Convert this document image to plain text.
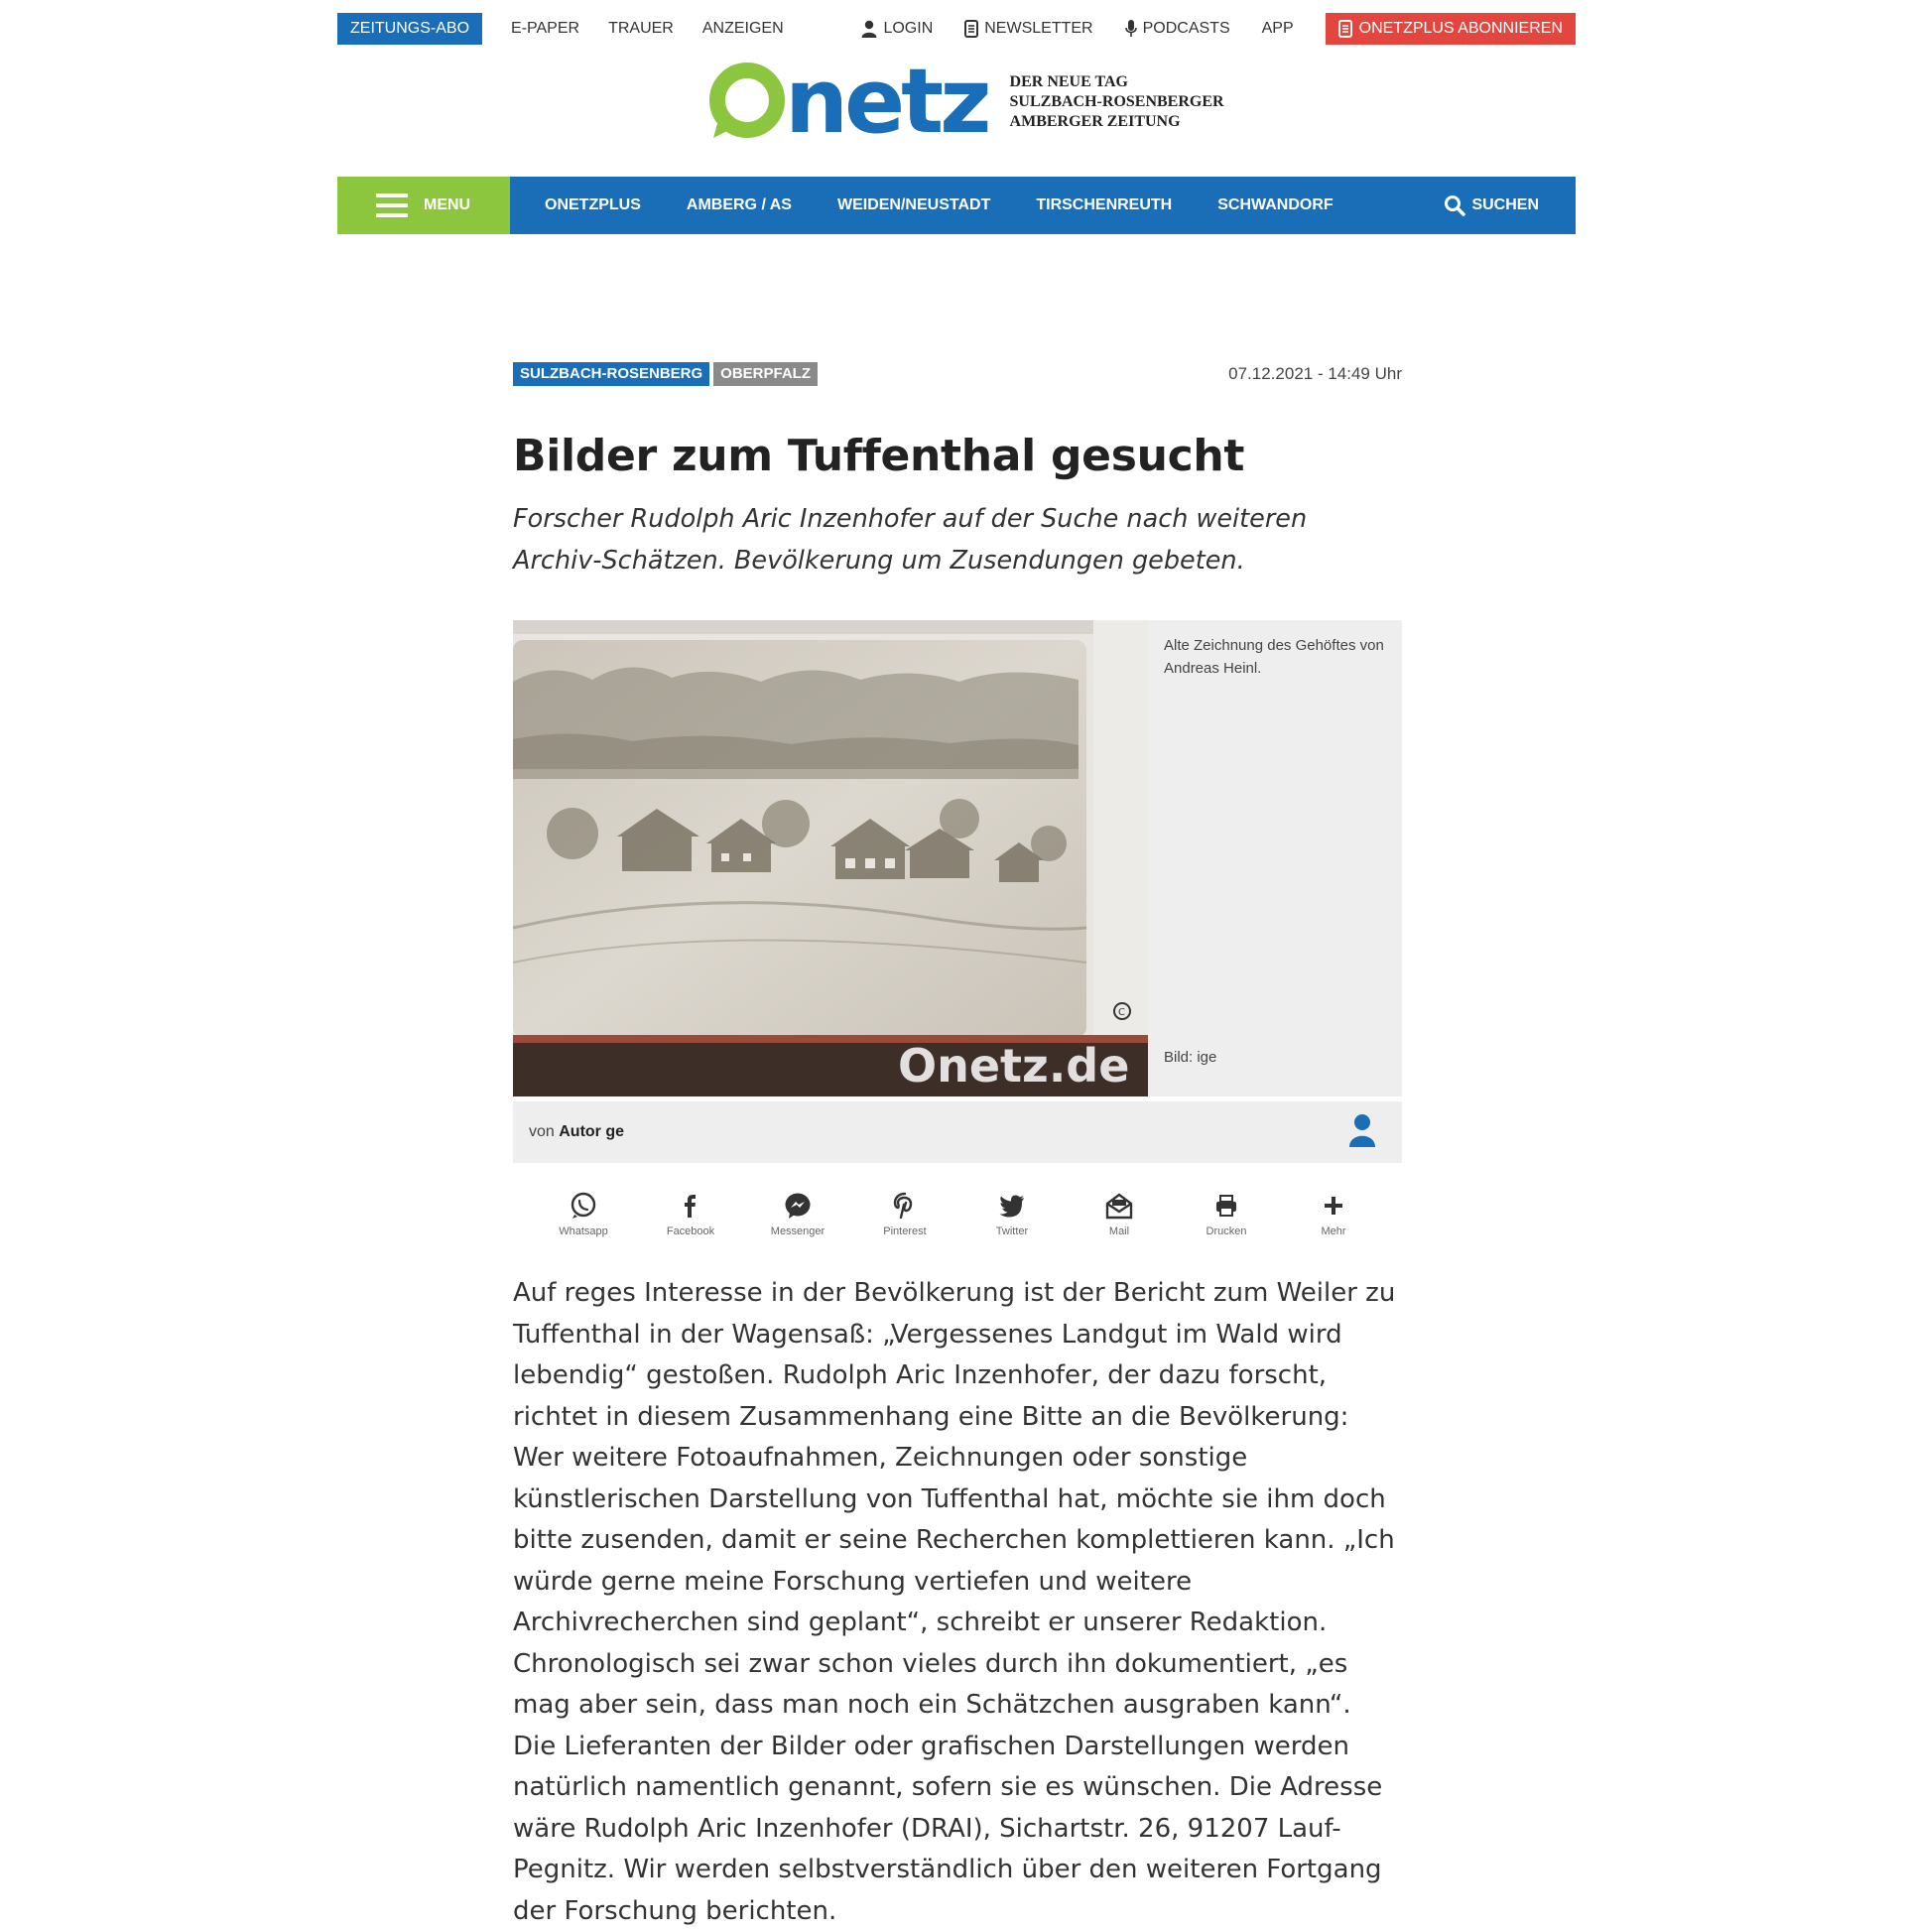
ZEITUNGS-ABO	E-PAPER TRAUER ANZEIGEN	LOGIN	NEWSLETTER	PODCASTS APP	ONETZPLUS ABONNIEREN
netz DER NEUE TAG
SULZBACH-ROSENBERGER
AMBERGER ZEITUNG
MENU	ONETZPLUS	AMBERG / AS	WEIDEN/NEUSTADT	TIRSCHENREUTH	SCHWANDORF	SUCHEN
SULZBACH-ROSENBERG OBERPFALZ	07.12.2021 - 14:49 Uhr
Bilder zum Tuffenthal gesucht

Forscher Rudolph Aric Inzenhofer auf der Suche nach weiteren Archiv-Schätzen. Bevölkerung um Zusendungen gebeten.

C
Onetz.de
Alte Zeichnung des Gehöftes von Andreas Heinl.
Bild: ige
von Autor ge
Whatsapp	Facebook	Messenger	Pinterest	Twitter	Mail	Drucken	Mehr

Auf reges Interesse in der Bevölkerung ist der Bericht zum Weiler zu Tuffenthal in der Wagensaß: „Vergessenes Landgut im Wald wird lebendig“ gestoßen. Rudolph Aric Inzenhofer, der dazu forscht, richtet in diesem Zusammenhang eine Bitte an die Bevölkerung: Wer weitere Fotoaufnahmen, Zeichnungen oder sonstige künstlerischen Darstellung von Tuffenthal hat, möchte sie ihm doch bitte zusenden, damit er seine Recherchen komplettieren kann. „Ich würde gerne meine Forschung vertiefen und weitere Archivrecherchen sind geplant“, schreibt er unserer Redaktion. Chronologisch sei zwar schon vieles durch ihn dokumentiert, „es mag aber sein, dass man noch ein Schätzchen ausgraben kann“. Die Lieferanten der Bilder oder grafischen Darstellungen werden natürlich namentlich genannt, sofern sie es wünschen. Die Adresse wäre Rudolph Aric Inzenhofer (DRAI), Sichartstr. 26, 91207 Lauf-Pegnitz. Wir werden selbstverständlich über den weiteren Fortgang der Forschung berichten.
